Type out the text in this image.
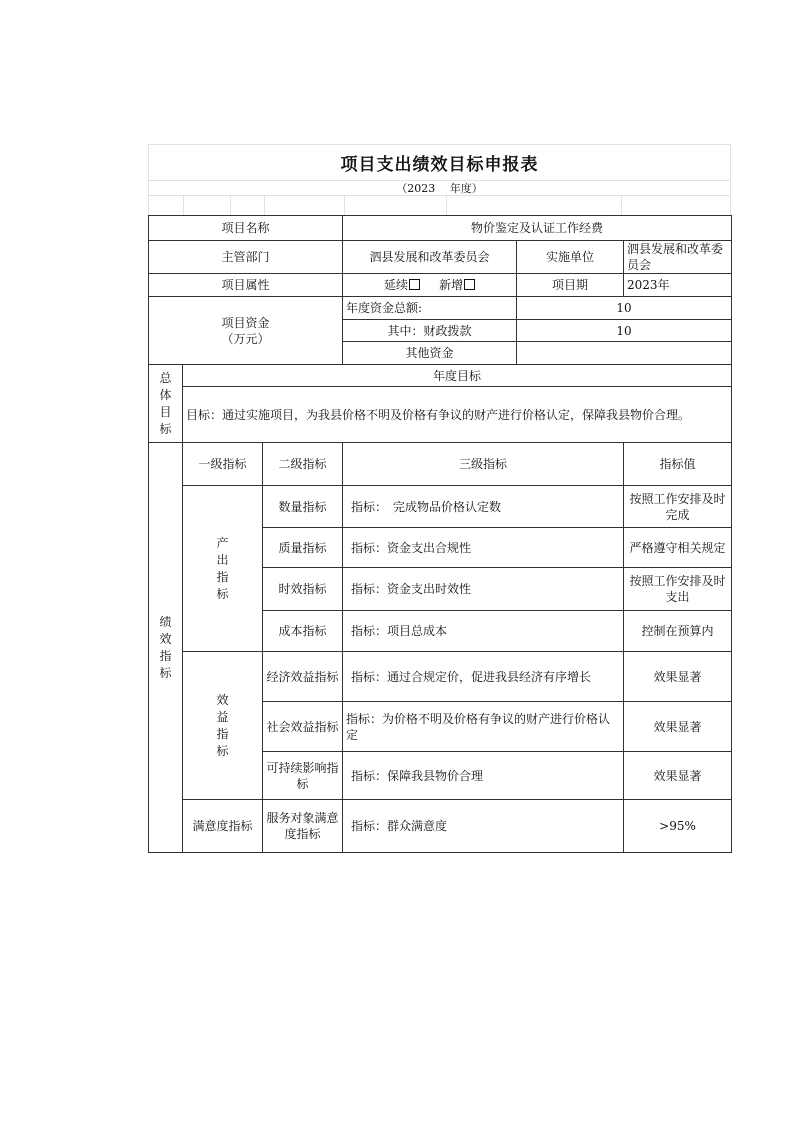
项目支出绩效目标申报表
（2023　 年度）
项目名称			物价鉴定及认证工作经费		
主管部门			泗县发展和改革委员会	实施单位	泗县发展和改革委员会
项目属性			延续 新增	项目期	2023年

项目资金
（万元）			年度资金总额:	10	
			其中：财政拨款	10	
			其他资金		
总体目标	年度目标				
	目标：通过实施项目，为我县价格不明及价格有争议的财产进行价格认定，保障我县物价合理。				
绩效指标	一级指标	二级指标	三级指标		指标值
	产出指标	数量指标	指标：　完成物品价格认定数		按照工作安排及时完成
		质量指标	指标：资金支出合规性		严格遵守相关规定
		时效指标	指标：资金支出时效性		按照工作安排及时支出
		成本指标	指标：项目总成本		控制在预算内
	效益指标	经济效益指标	指标：通过合规定价，促进我县经济有序增长		效果显著
		社会效益指标	指标：为价格不明及价格有争议的财产进行价格认定		效果显著
		可持续影响指标	指标：保障我县物价合理		效果显著
	满意度指标	服务对象满意度指标	指标：群众满意度		>95%
